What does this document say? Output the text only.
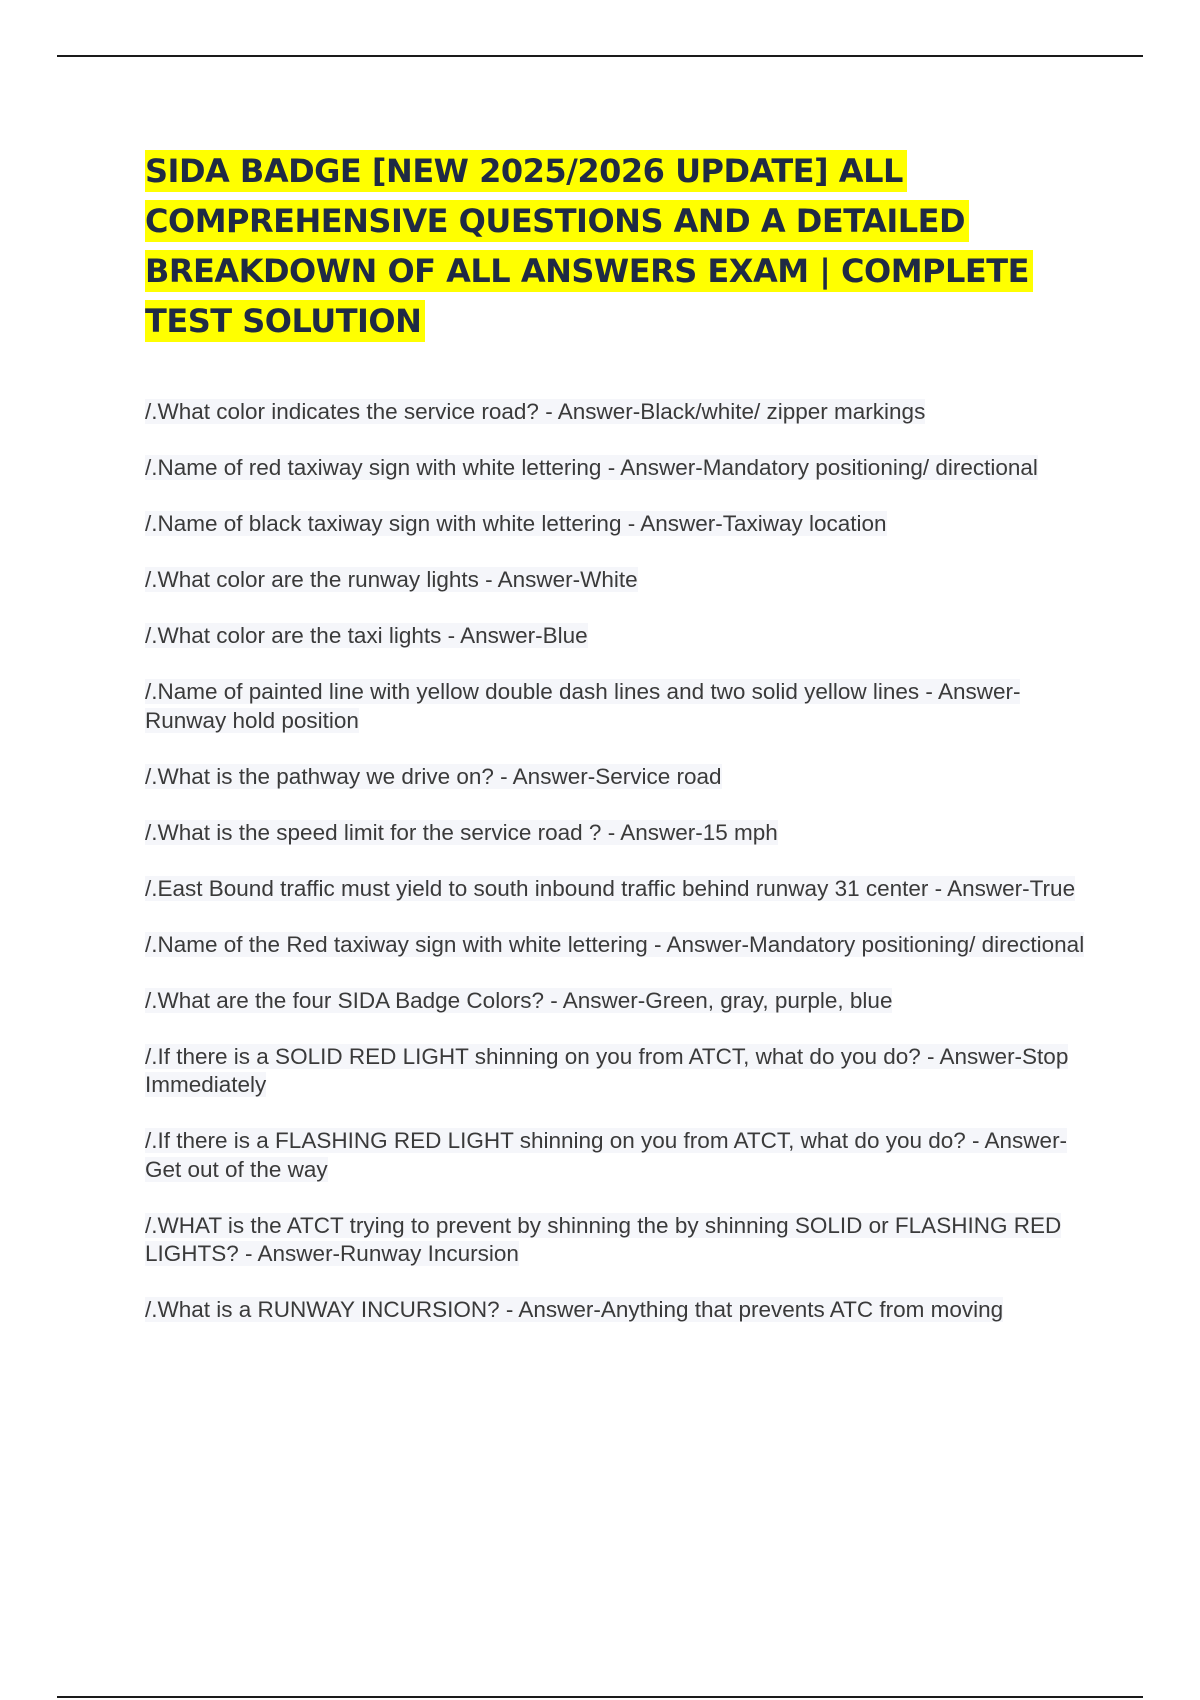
SIDA BADGE [NEW 2025/2026 UPDATE] ALL COMPREHENSIVE QUESTIONS AND A DETAILED BREAKDOWN OF ALL ANSWERS EXAM | COMPLETE TEST SOLUTION
/.What color indicates the service road? - Answer-Black/white/ zipper markings
/.Name of red taxiway sign with white lettering - Answer-Mandatory positioning/ directional
/.Name of black taxiway sign with white lettering - Answer-Taxiway location
/.What color are the runway lights - Answer-White
/.What color are the taxi lights - Answer-Blue
/.Name of painted line with yellow double dash lines and two solid yellow lines - Answer-Runway hold position
/.What is the pathway we drive on? - Answer-Service road
/.What is the speed limit for the service road ? - Answer-15 mph
/.East Bound traffic must yield to south inbound traffic behind runway 31 center - Answer-True
/.Name of the Red taxiway sign with white lettering - Answer-Mandatory positioning/ directional
/.What are the four SIDA Badge Colors? - Answer-Green, gray, purple, blue
/.If there is a SOLID RED LIGHT shinning on you from ATCT, what do you do? - Answer-Stop Immediately
/.If there is a FLASHING RED LIGHT shinning on you from ATCT, what do you do? - Answer-Get out of the way
/.WHAT is the ATCT trying to prevent by shinning the by shinning SOLID or FLASHING RED LIGHTS? - Answer-Runway Incursion
/.What is a RUNWAY INCURSION? - Answer-Anything that prevents ATC from moving
